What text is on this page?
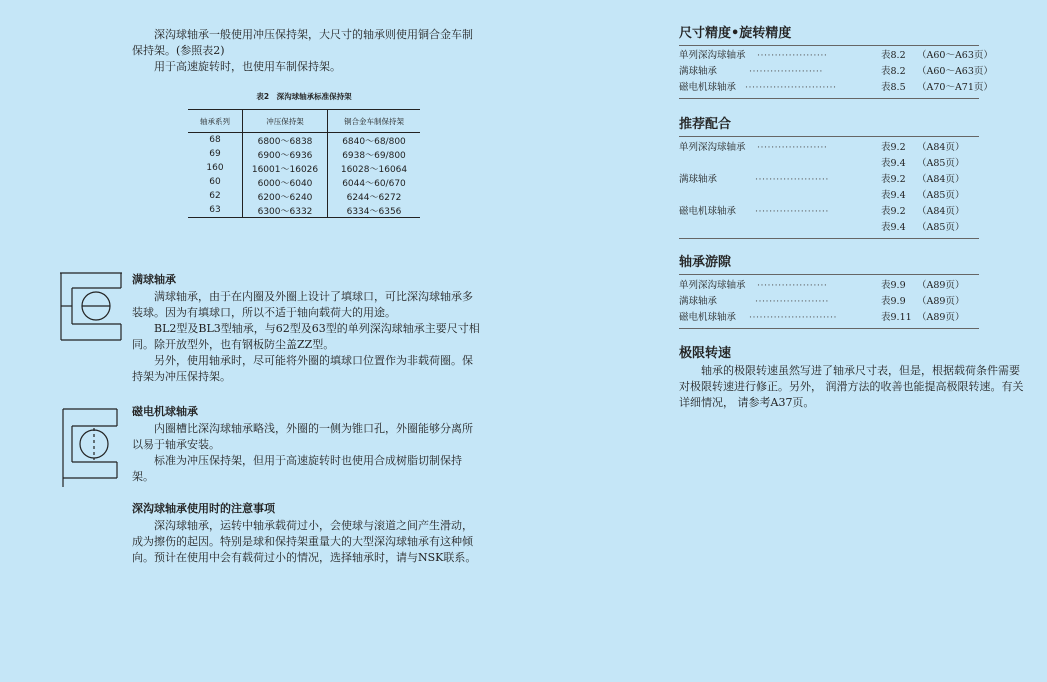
深沟球轴承一般使用冲压保持架，大尺寸的轴承则使用铜合金车制保持架。(参照表2)

用于高速旋转时，也使用车制保持架。

表2　深沟球轴承标准保持架
轴承系列	冲压保持架	铜合金车制保持架
68	6800～6838	6840～68/800
69	6900～6936	6938～69/800
160	16001～16026	16028～16064
60	6000～6040	6044～60/670
62	6200～6240	6244～6272
63	6300～6332	6334～6356

满球轴承

满球轴承，由于在内圈及外圈上设计了填球口，可比深沟球轴承多装球。因为有填球口，所以不适于轴向载荷大的用途。

BL2型及BL3型轴承，与62型及63型的单列深沟球轴承主要尺寸相同。除开放型外，也有钢板防尘盖ZZ型。

另外，使用轴承时，尽可能将外圈的填球口位置作为非载荷圈。保持架为冲压保持架。

磁电机球轴承

内圈槽比深沟球轴承略浅，外圈的一侧为锥口孔，外圈能够分离所以易于轴承安装。

标准为冲压保持架，但用于高速旋转时也使用合成树脂切制保持架。

深沟球轴承使用时的注意事项

深沟球轴承，运转中轴承载荷过小，会使球与滚道之间产生滑动，成为擦伤的起因。特别是球和保持架重量大的大型深沟球轴承有这种倾向。预计在使用中会有载荷过小的情况，选择轴承时，请与NSK联系。

尺寸精度•旋转精度

单列深沟球轴承 ····················	表8.2 （A60～A63页）
满球轴承	·····················	表8.2 （A60～A63页）
磁电机球轴承 ··························	表8.5 （A70～A71页）

推荐配合

单列深沟球轴承 ····················	表9.2 （A84页）
表9.4 （A85页）
满球轴承	·····················	表9.2 （A84页）
表9.4 （A85页）
磁电机球轴承 ·····················	表9.2 （A84页）
表9.4 （A85页）

轴承游隙

单列深沟球轴承 ····················	表9.9 （A89页）
满球轴承	·····················	表9.9 （A89页）
磁电机球轴承 ·························	表9.11 （A89页）

极限转速

轴承的极限转速虽然写进了轴承尺寸表，但是，根据载荷条件需要对极限转速进行修正。另外， 润滑方法的收善也能提高极限转速。有关详细情况， 请参考A37页。
